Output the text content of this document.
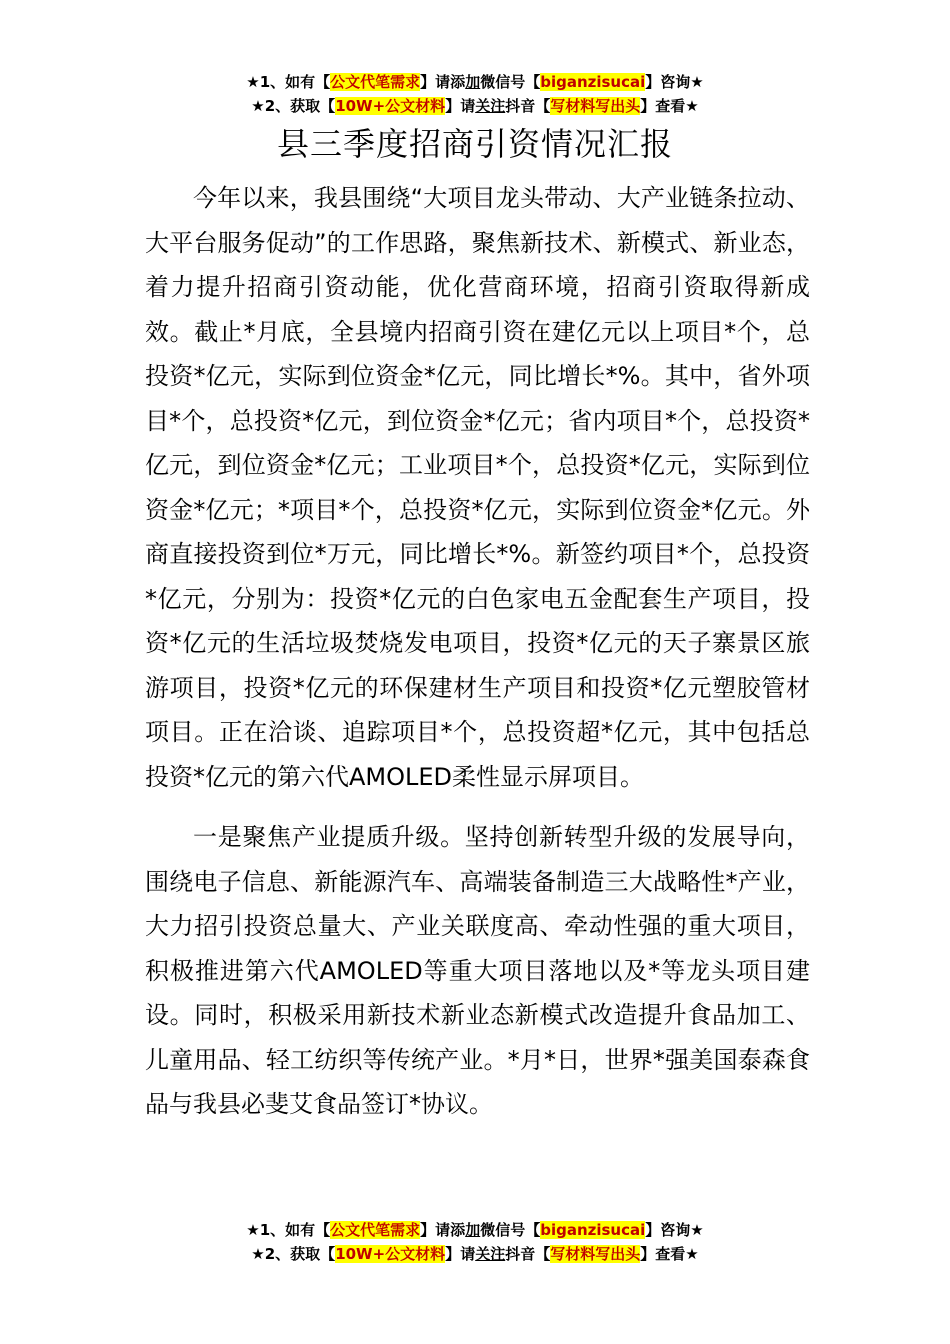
★1、如有【公文代笔需求】请添加微信号【biganzisucai】咨询★
★2、获取【10W+公文材料】请关注抖音【写材料写出头】查看★
县三季度招商引资情况汇报

今年以来，我县围绕“大项目龙头带动、大产业链条拉动、大平台服务促动”的工作思路，聚焦新技术、新模式、新业态，着力提升招商引资动能，优化营商环境，招商引资取得新成效。截止*月底，全县境内招商引资在建亿元以上项目*个，总投资*亿元，实际到位资金*亿元，同比增长*%。其中，省外项目*个，总投资*亿元，到位资金*亿元；省内项目*个，总投资*亿元，到位资金*亿元；工业项目*个，总投资*亿元，实际到位资金*亿元；*项目*个，总投资*亿元，实际到位资金*亿元。外商直接投资到位*万元，同比增长*%。新签约项目*个，总投资*亿元，分别为：投资*亿元的白色家电五金配套生产项目，投资*亿元的生活垃圾焚烧发电项目，投资*亿元的天子寨景区旅游项目，投资*亿元的环保建材生产项目和投资*亿元塑胶管材项目。正在洽谈、追踪项目*个，总投资超*亿元，其中包括总投资*亿元的第六代AMOLED柔性显示屏项目。

一是聚焦产业提质升级。坚持创新转型升级的发展导向，围绕电子信息、新能源汽车、高端装备制造三大战略性*产业，大力招引投资总量大、产业关联度高、牵动性强的重大项目，积极推进第六代AMOLED等重大项目落地以及*等龙头项目建设。同时，积极采用新技术新业态新模式改造提升食品加工、儿童用品、轻工纺织等传统产业。*月*日，世界*强美国泰森食品与我县必斐艾食品签订*协议。

★1、如有【公文代笔需求】请添加微信号【biganzisucai】咨询★
★2、获取【10W+公文材料】请关注抖音【写材料写出头】查看★
